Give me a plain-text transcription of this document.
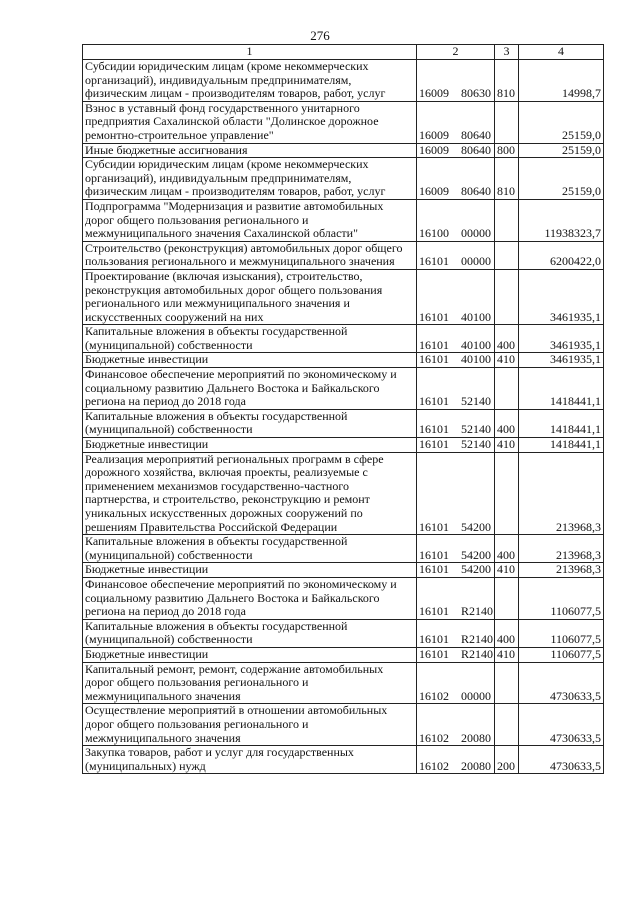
276
1	2	3	4
Субсидии юридическим лицам (кроме некоммерческих организаций), индивидуальным предпринимателям, физическим лицам - производителям товаров, работ, услуг	16009 80630	810	14998,7
Взнос в уставный фонд государственного унитарного предприятия Сахалинской области "Долинское дорожное ремонтно-строительное управление"	16009 80640		25159,0
Иные бюджетные ассигнования	16009 80640	800	25159,0
Субсидии юридическим лицам (кроме некоммерческих организаций), индивидуальным предпринимателям, физическим лицам - производителям товаров, работ, услуг	16009 80640	810	25159,0
Подпрограмма "Модернизация и развитие автомобильных дорог общего пользования регионального и межмуниципального значения Сахалинской области"	16100 00000		11938323,7
Строительство (реконструкция) автомобильных дорог общего пользования регионального и межмуниципального значения	16101 00000		6200422,0
Проектирование (включая изыскания), строительство, реконструкция автомобильных дорог общего пользования регионального или межмуниципального значения и искусственных сооружений на них	16101 40100		3461935,1
Капитальные вложения в объекты государственной (муниципальной) собственности	16101 40100	400	3461935,1
Бюджетные инвестиции	16101 40100	410	3461935,1
Финансовое обеспечение мероприятий по экономическому и социальному развитию Дальнего Востока и Байкальского региона на период до 2018 года	16101 52140		1418441,1
Капитальные вложения в объекты государственной (муниципальной) собственности	16101 52140	400	1418441,1
Бюджетные инвестиции	16101 52140	410	1418441,1
Реализация мероприятий региональных программ в сфере дорожного хозяйства, включая проекты, реализуемые с применением механизмов государственно-частного партнерства, и строительство, реконструкцию и ремонт уникальных искусственных дорожных сооружений по решениям Правительства Российской Федерации	16101 54200		213968,3
Капитальные вложения в объекты государственной (муниципальной) собственности	16101 54200	400	213968,3
Бюджетные инвестиции	16101 54200	410	213968,3
Финансовое обеспечение мероприятий по экономическому и социальному развитию Дальнего Востока и Байкальского региона на период до 2018 года	16101 R2140		1106077,5
Капитальные вложения в объекты государственной (муниципальной) собственности	16101 R2140	400	1106077,5
Бюджетные инвестиции	16101 R2140	410	1106077,5
Капитальный ремонт, ремонт, содержание автомобильных дорог общего пользования регионального и межмуниципального значения	16102 00000		4730633,5
Осуществление мероприятий в отношении автомобильных дорог общего пользования регионального и межмуниципального значения	16102 20080		4730633,5
Закупка товаров, работ и услуг для государственных (муниципальных) нужд	16102 20080	200	4730633,5
